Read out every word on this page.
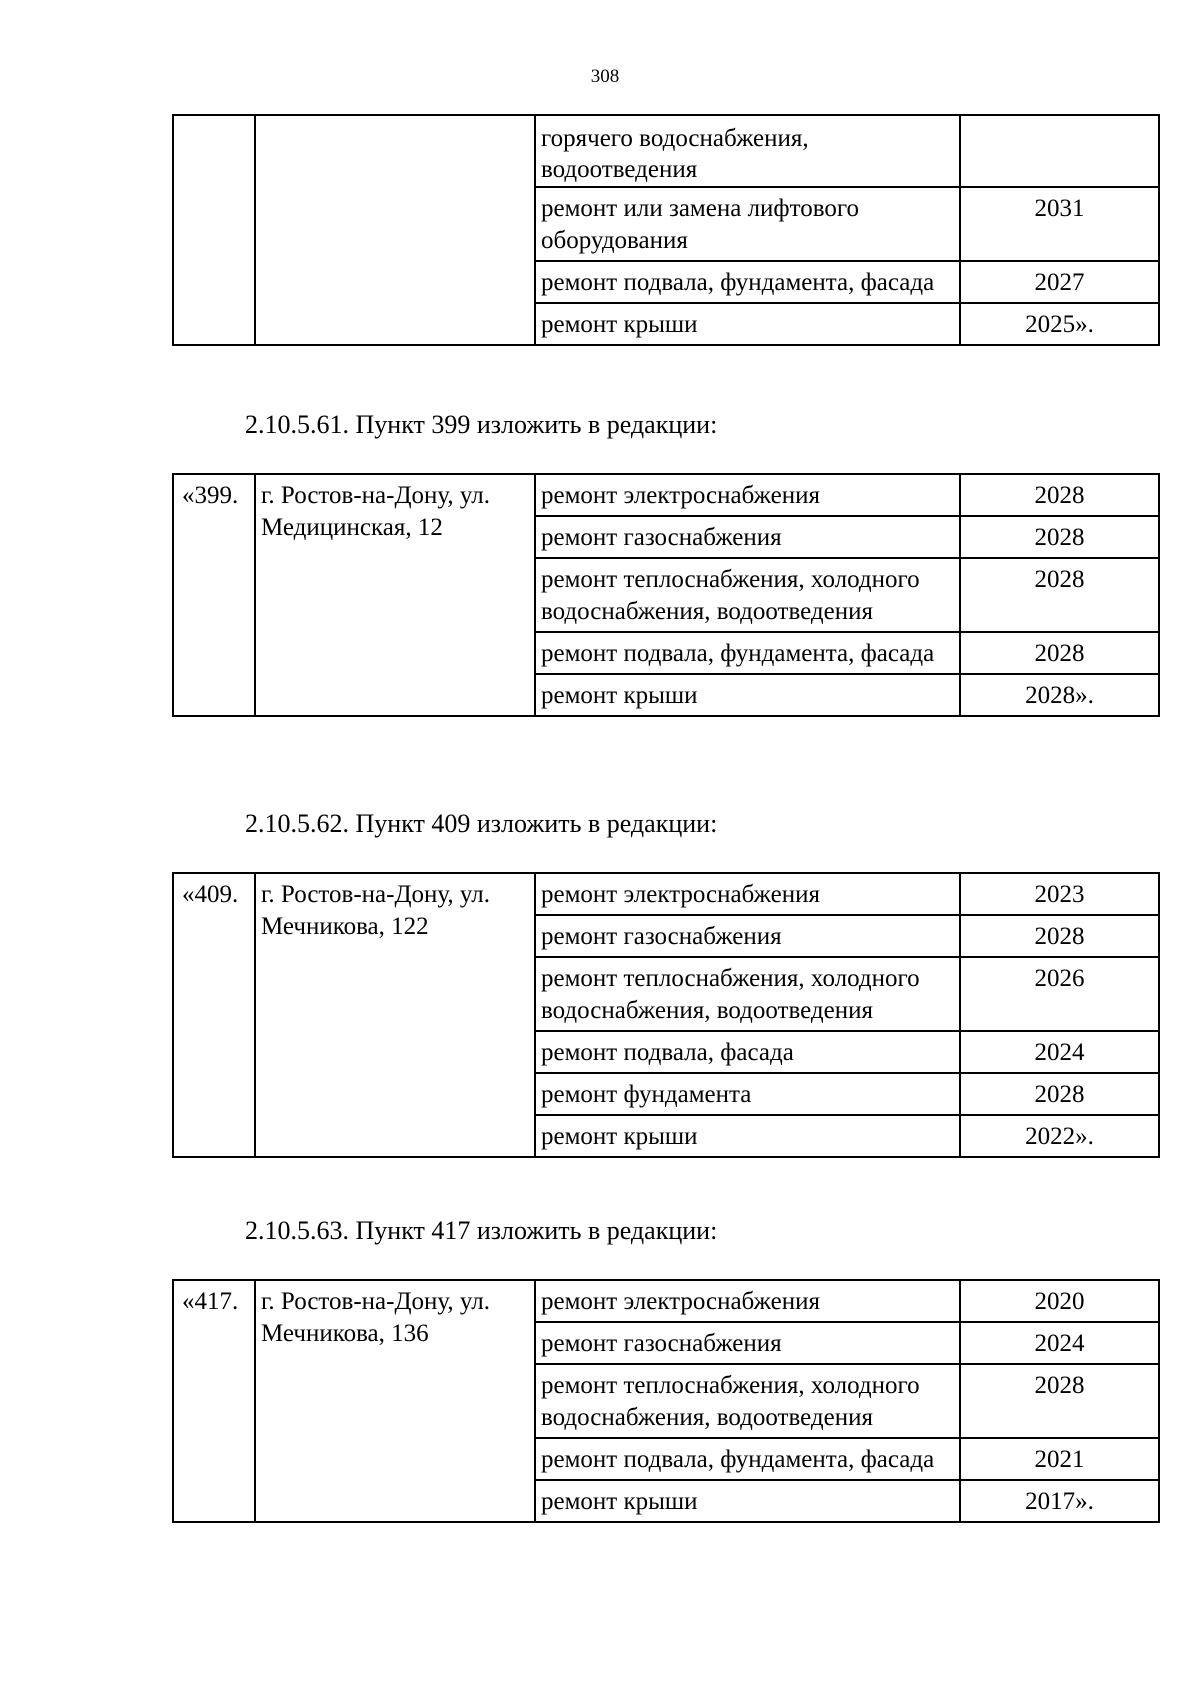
308
		горячего водоснабжения, водоотведения	
		ремонт или замена лифтового оборудования	2031
		ремонт подвала, фундамента, фасада	2027
		ремонт крыши	2025».
2.10.5.61. Пункт 399 изложить в редакции:
«399.	г. Ростов-на-Дону, ул. Медицинская, 12	ремонт электроснабжения	2028
		ремонт газоснабжения	2028
		ремонт теплоснабжения, холодного водоснабжения, водоотведения	2028
		ремонт подвала, фундамента, фасада	2028
		ремонт крыши	2028».
2.10.5.62. Пункт 409 изложить в редакции:
«409.	г. Ростов-на-Дону, ул. Мечникова, 122	ремонт электроснабжения	2023
		ремонт газоснабжения	2028
		ремонт теплоснабжения, холодного водоснабжения, водоотведения	2026
		ремонт подвала, фасада	2024
		ремонт фундамента	2028
		ремонт крыши	2022».
2.10.5.63. Пункт 417 изложить в редакции:
«417.	г. Ростов-на-Дону, ул. Мечникова, 136	ремонт электроснабжения	2020
		ремонт газоснабжения	2024
		ремонт теплоснабжения, холодного водоснабжения, водоотведения	2028
		ремонт подвала, фундамента, фасада	2021
		ремонт крыши	2017».
